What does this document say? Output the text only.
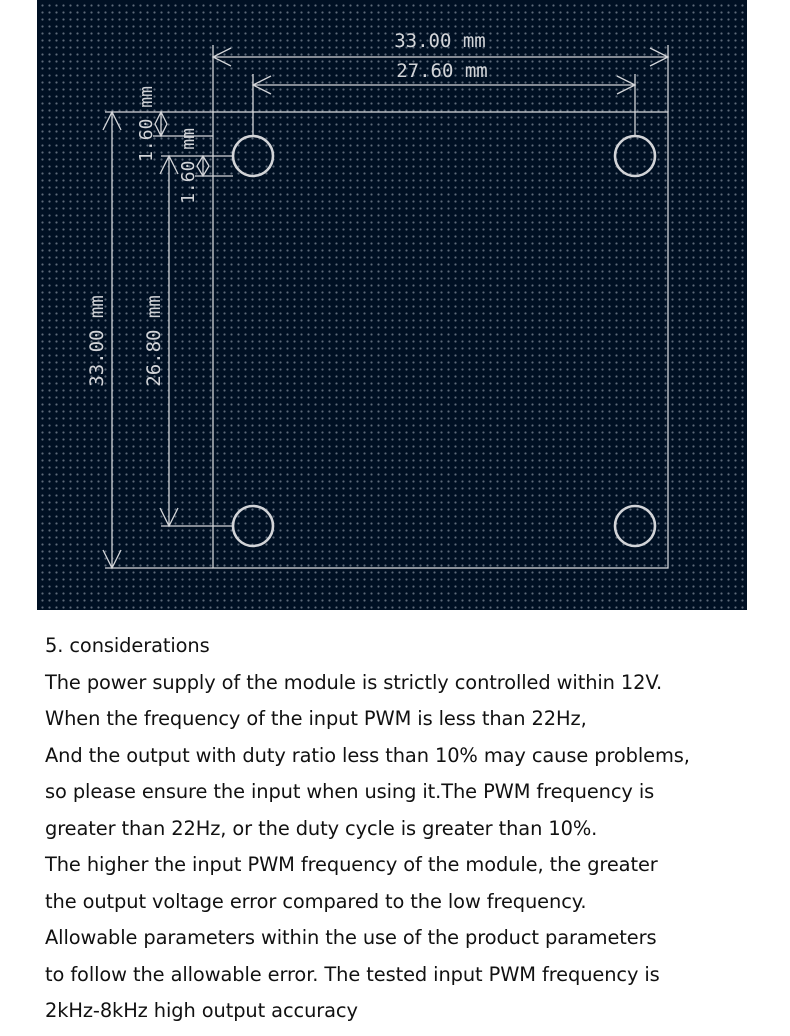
33.00 mm
27.60 mm
33.00 mm 26.80 mm
1.60 mm
1.60 mm

5. considerations

The power supply of the module is strictly controlled within 12V.

When the frequency of the input PWM is less than 22Hz,

And the output with duty ratio less than 10% may cause problems,

so please ensure the input when using it.The PWM frequency is

greater than 22Hz, or the duty cycle is greater than 10%.

The higher the input PWM frequency of the module, the greater

the output voltage error compared to the low frequency.

Allowable parameters within the use of the product parameters

to follow the allowable error. The tested input PWM frequency is

2kHz-8kHz high output accuracy
